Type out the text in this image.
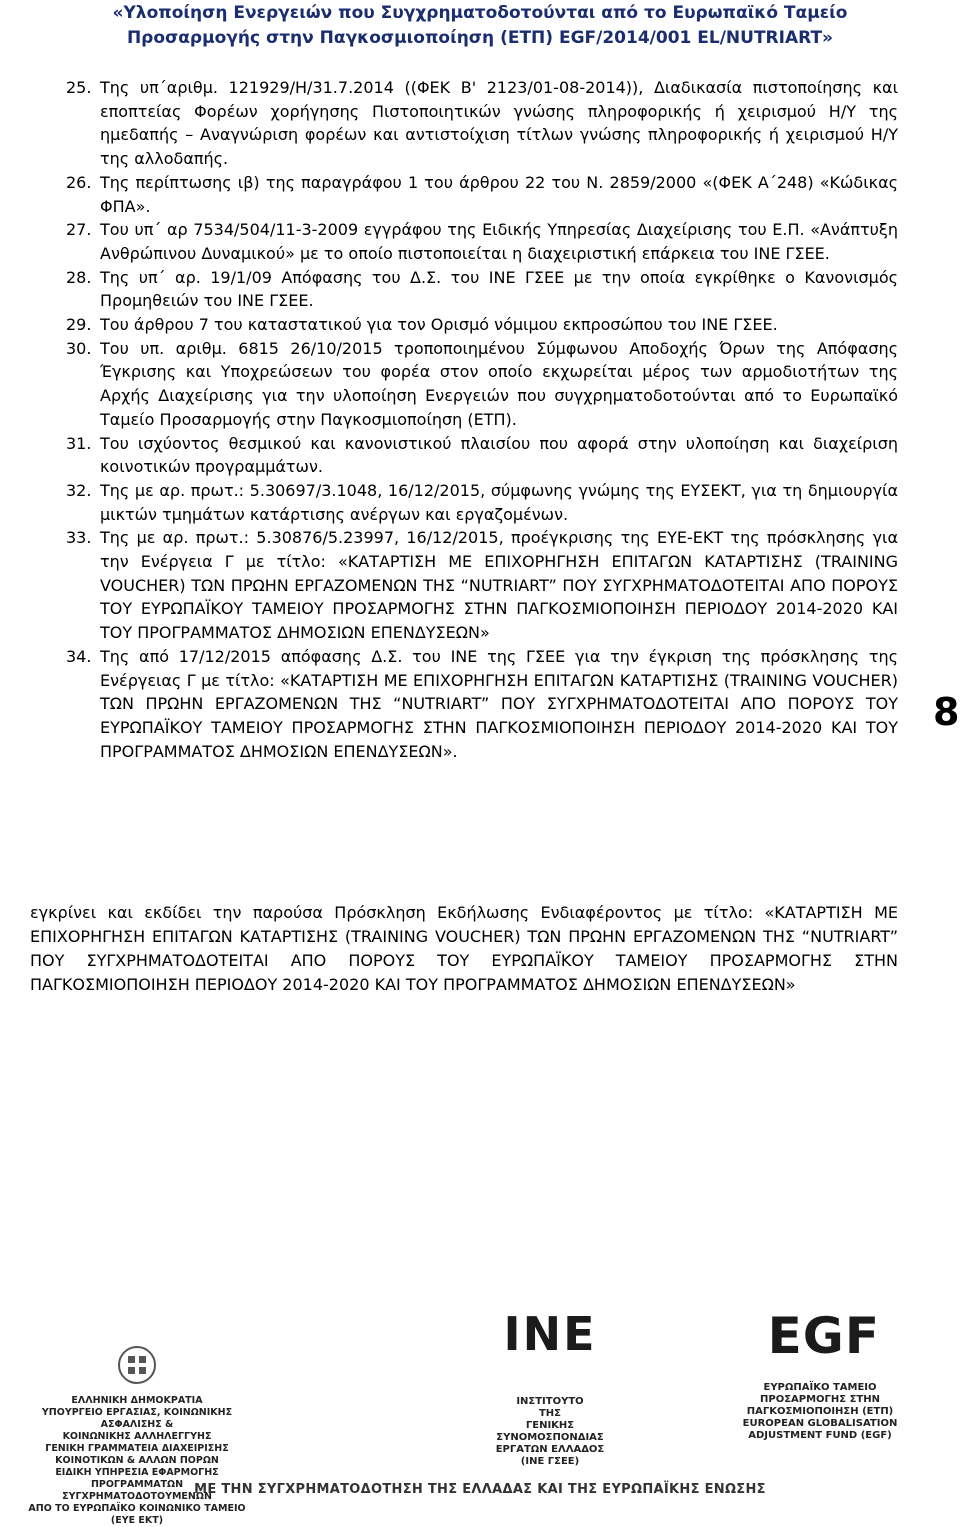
«Υλοποίηση Ενεργειών που Συγχρηματοδοτούνται από το Ευρωπαϊκό Ταμείο
Προσαρμογής στην Παγκοσμιοποίηση (ΕΤΠ) EGF/2014/001 EL/NUTRIART»
25. Της υπ΄αριθμ. 121929/Η/31.7.2014 ((ΦΕΚ Β' 2123/01-08-2014)), Διαδικασία πιστοποίησης και εποπτείας Φορέων χορήγησης Πιστοποιητικών γνώσης πληροφορικής ή χειρισμού Η/Υ της ημεδαπής – Αναγνώριση φορέων και αντιστοίχιση τίτλων γνώσης πληροφορικής ή χειρισμού Η/Υ της αλλοδαπής.
26. Της περίπτωσης ιβ) της παραγράφου 1 του άρθρου 22 του Ν. 2859/2000 «(ΦΕΚ Α΄248) «Κώδικας ΦΠΑ».
27. Του υπ΄ αρ 7534/504/11-3-2009 εγγράφου της Ειδικής Υπηρεσίας Διαχείρισης του Ε.Π. «Ανάπτυξη Ανθρώπινου Δυναμικού» με το οποίο πιστοποιείται η διαχειριστική επάρκεια του ΙΝΕ ΓΣΕΕ.
28. Της υπ΄ αρ. 19/1/09 Απόφασης του Δ.Σ. του ΙΝΕ ΓΣΕΕ με την οποία εγκρίθηκε ο Κανονισμός Προμηθειών του ΙΝΕ ΓΣΕΕ.
29. Του άρθρου 7 του καταστατικού για τον Ορισμό νόμιμου εκπροσώπου του ΙΝΕ ΓΣΕΕ.
30. Του υπ. αριθμ. 6815 26/10/2015 τροποποιημένου Σύμφωνου Αποδοχής Όρων της Απόφασης Έγκρισης και Υποχρεώσεων του φορέα στον οποίο εκχωρείται μέρος των αρμοδιοτήτων της Αρχής Διαχείρισης για την υλοποίηση Ενεργειών που συγχρηματοδοτούνται από το Ευρωπαϊκό Ταμείο Προσαρμογής στην Παγκοσμιοποίηση (ΕΤΠ).
31. Του ισχύοντος θεσμικού και κανονιστικού πλαισίου που αφορά στην υλοποίηση και διαχείριση κοινοτικών προγραμμάτων.
32. Της με αρ. πρωτ.: 5.30697/3.1048, 16/12/2015, σύμφωνης γνώμης της ΕΥΣΕΚΤ, για τη δημιουργία μικτών τμημάτων κατάρτισης ανέργων και εργαζομένων.
33. Της με αρ. πρωτ.: 5.30876/5.23997, 16/12/2015, προέγκρισης της ΕΥΕ-ΕΚΤ της πρόσκλησης για την Ενέργεια Γ με τίτλο: «ΚΑΤΑΡΤΙΣΗ ΜΕ ΕΠΙΧΟΡΗΓΗΣΗ ΕΠΙΤΑΓΩΝ ΚΑΤΑΡΤΙΣΗΣ (TRAINING VOUCHER) ΤΩΝ ΠΡΩΗΝ ΕΡΓΑΖΟΜΕΝΩΝ ΤΗΣ “NUTRIART” ΠΟΥ ΣΥΓΧΡΗΜΑΤΟΔΟΤΕΙΤΑΙ ΑΠΟ ΠΟΡΟΥΣ ΤΟΥ ΕΥΡΩΠΑΪΚΟΥ ΤΑΜΕΙΟΥ ΠΡΟΣΑΡΜΟΓΗΣ ΣΤΗΝ ΠΑΓΚΟΣΜΙΟΠΟΙΗΣΗ ΠΕΡΙΟΔΟΥ 2014-2020 ΚΑΙ ΤΟΥ ΠΡΟΓΡΑΜΜΑΤΟΣ ΔΗΜΟΣΙΩΝ ΕΠΕΝΔΥΣΕΩΝ»
34. Της από 17/12/2015 απόφασης Δ.Σ. του ΙΝΕ της ΓΣΕΕ για την έγκριση της πρόσκλησης της Ενέργειας Γ με τίτλο: «ΚΑΤΑΡΤΙΣΗ ΜΕ ΕΠΙΧΟΡΗΓΗΣΗ ΕΠΙΤΑΓΩΝ ΚΑΤΑΡΤΙΣΗΣ (TRAINING VOUCHER) ΤΩΝ ΠΡΩΗΝ ΕΡΓΑΖΟΜΕΝΩΝ ΤΗΣ “NUTRIART” ΠΟΥ ΣΥΓΧΡΗΜΑΤΟΔΟΤΕΙΤΑΙ ΑΠΟ ΠΟΡΟΥΣ ΤΟΥ ΕΥΡΩΠΑΪΚΟΥ ΤΑΜΕΙΟΥ ΠΡΟΣΑΡΜΟΓΗΣ ΣΤΗΝ ΠΑΓΚΟΣΜΙΟΠΟΙΗΣΗ ΠΕΡΙΟΔΟΥ 2014-2020 ΚΑΙ ΤΟΥ ΠΡΟΓΡΑΜΜΑΤΟΣ ΔΗΜΟΣΙΩΝ ΕΠΕΝΔΥΣΕΩΝ».
8
εγκρίνει και εκδίδει την παρούσα Πρόσκληση Εκδήλωσης Ενδιαφέροντος με τίτλο: «ΚΑΤΑΡΤΙΣΗ ΜΕ ΕΠΙΧΟΡΗΓΗΣΗ ΕΠΙΤΑΓΩΝ ΚΑΤΑΡΤΙΣΗΣ (TRAINING VOUCHER) ΤΩΝ ΠΡΩΗΝ ΕΡΓΑΖΟΜΕΝΩΝ ΤΗΣ “NUTRIART” ΠΟΥ ΣΥΓΧΡΗΜΑΤΟΔΟΤΕΙΤΑΙ ΑΠΟ ΠΟΡΟΥΣ ΤΟΥ ΕΥΡΩΠΑΪΚΟΥ ΤΑΜΕΙΟΥ ΠΡΟΣΑΡΜΟΓΗΣ ΣΤΗΝ ΠΑΓΚΟΣΜΙΟΠΟΙΗΣΗ ΠΕΡΙΟΔΟΥ 2014-2020 ΚΑΙ ΤΟΥ ΠΡΟΓΡΑΜΜΑΤΟΣ ΔΗΜΟΣΙΩΝ ΕΠΕΝΔΥΣΕΩΝ»
ΕΛΛΗΝΙΚΗ ΔΗΜΟΚΡΑΤΙΑ
ΥΠΟΥΡΓΕΙΟ ΕΡΓΑΣΙΑΣ, ΚΟΙΝΩΝΙΚΗΣ ΑΣΦΑΛΙΣΗΣ &
ΚΟΙΝΩΝΙΚΗΣ ΑΛΛΗΛΕΓΓΥΗΣ
ΓΕΝΙΚΗ ΓΡΑΜΜΑΤΕΙΑ ΔΙΑΧΕΙΡΙΣΗΣ
ΚΟΙΝΟΤΙΚΩΝ & ΑΛΛΩΝ ΠΟΡΩΝ
ΕΙΔΙΚΗ ΥΠΗΡΕΣΙΑ ΕΦΑΡΜΟΓΗΣ
ΠΡΟΓΡΑΜΜΑΤΩΝ ΣΥΓΧΡΗΜΑΤΟΔΟΤΟΥΜΕΝΩΝ
ΑΠΟ ΤΟ ΕΥΡΩΠΑΪΚΟ ΚΟΙΝΩΝΙΚΟ ΤΑΜΕΙΟ
(ΕΥΕ ΕΚΤ)
INE
ΙΝΣΤΙΤΟΥΤΟ
ΤΗΣ
ΓΕΝΙΚΗΣ
ΣΥΝΟΜΟΣΠΟΝΔΙΑΣ
ΕΡΓΑΤΩΝ ΕΛΛΑΔΟΣ
(ΙΝΕ ΓΣΕΕ)
EGF
ΕΥΡΩΠΑΪΚΟ ΤΑΜΕΙΟ
ΠΡΟΣΑΡΜΟΓΗΣ ΣΤΗΝ
ΠΑΓΚΟΣΜΙΟΠΟΙΗΣΗ (ΕΤΠ)
EUROPEAN GLOBALISATION
ADJUSTMENT FUND (EGF)
ΜΕ ΤΗΝ ΣΥΓΧΡΗΜΑΤΟΔΟΤΗΣΗ ΤΗΣ ΕΛΛΑΔΑΣ ΚΑΙ ΤΗΣ ΕΥΡΩΠΑΪΚΗΣ ΕΝΩΣΗΣ
